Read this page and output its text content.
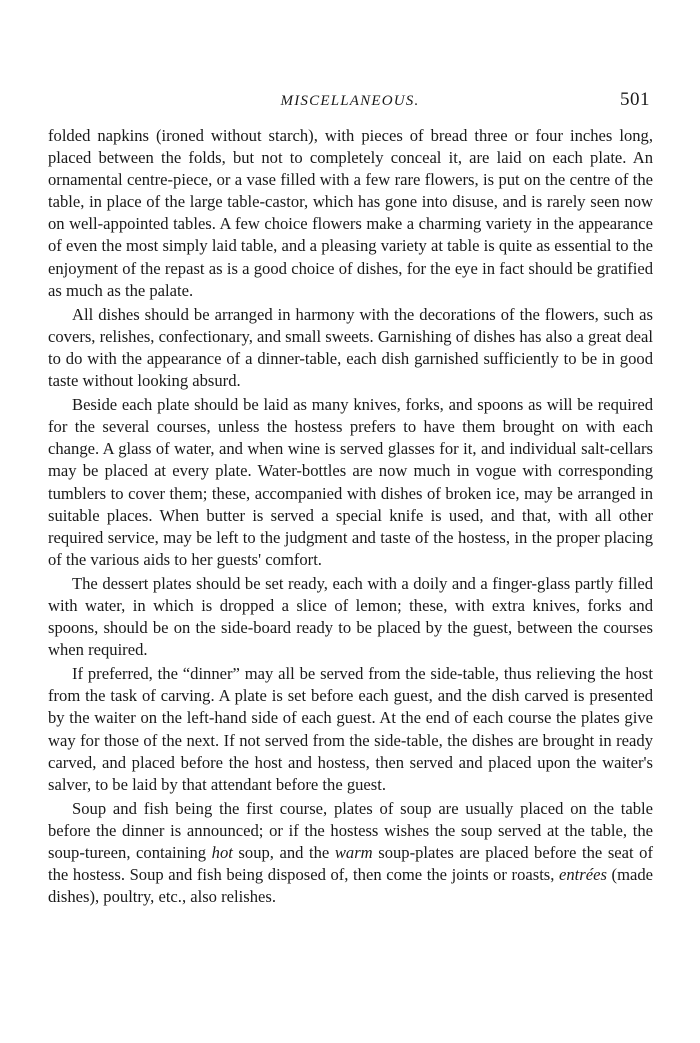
MISCELLANEOUS.	501

folded napkins (ironed without starch), with pieces of bread three or four inches long, placed between the folds, but not to completely conceal it, are laid on each plate. An ornamental centre-piece, or a vase filled with a few rare flowers, is put on the centre of the table, in place of the large table-castor, which has gone into disuse, and is rarely seen now on well-appointed tables. A few choice flowers make a charming variety in the appearance of even the most simply laid table, and a pleasing variety at table is quite as essential to the enjoyment of the repast as is a good choice of dishes, for the eye in fact should be gratified as much as the palate.

All dishes should be arranged in harmony with the decorations of the flowers, such as covers, relishes, confectionary, and small sweets. Garnishing of dishes has also a great deal to do with the appearance of a dinner-table, each dish garnished sufficiently to be in good taste without looking absurd.

Beside each plate should be laid as many knives, forks, and spoons as will be required for the several courses, unless the hostess prefers to have them brought on with each change. A glass of water, and when wine is served glasses for it, and individual salt-cellars may be placed at every plate. Water-bottles are now much in vogue with corresponding tumblers to cover them; these, accompanied with dishes of broken ice, may be arranged in suitable places. When butter is served a special knife is used, and that, with all other required service, may be left to the judgment and taste of the hostess, in the proper placing of the various aids to her guests' comfort.

The dessert plates should be set ready, each with a doily and a finger-glass partly filled with water, in which is dropped a slice of lemon; these, with extra knives, forks and spoons, should be on the side-board ready to be placed by the guest, between the courses when required.

If preferred, the “dinner” may all be served from the side-table, thus relieving the host from the task of carving. A plate is set before each guest, and the dish carved is presented by the waiter on the left-hand side of each guest. At the end of each course the plates give way for those of the next. If not served from the side-table, the dishes are brought in ready carved, and placed before the host and hostess, then served and placed upon the waiter's salver, to be laid by that attendant before the guest.

Soup and fish being the first course, plates of soup are usually placed on the table before the dinner is announced; or if the hostess wishes the soup served at the table, the soup-tureen, containing hot soup, and the warm soup-plates are placed before the seat of the hostess. Soup and fish being disposed of, then come the joints or roasts, entrées (made dishes), poultry, etc., also relishes.
